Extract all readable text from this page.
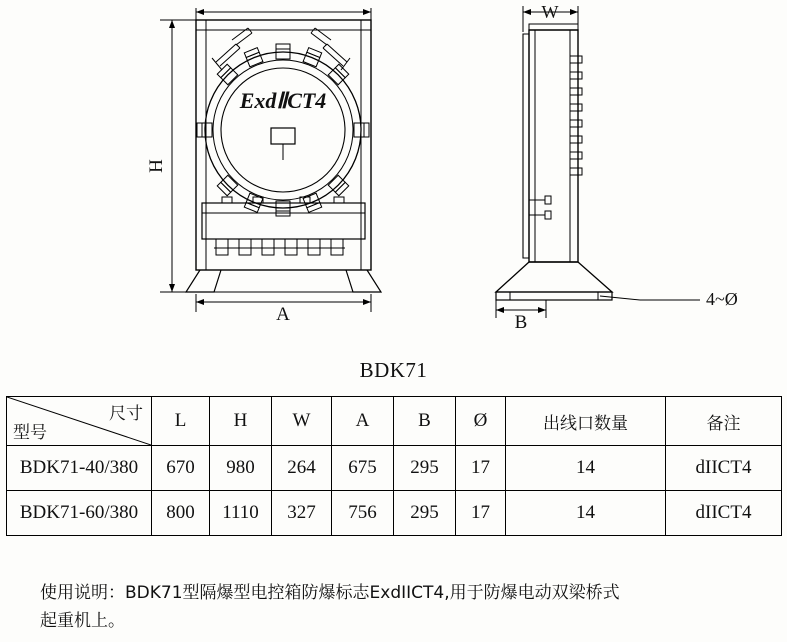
ExdⅡCT4
H
A
W
B
4~Ø
BDK71
尺寸
型号	L	H	W	A	B	Ø	出线口数量	备注
BDK71-40/380	670	980	264	675	295	17	14	dIICT4
BDK71-60/380	800	1110	327	756	295	17	14	dIICT4
使用说明：BDK71型隔爆型电控箱防爆标志ExdIICT4,用于防爆电动双梁桥式
起重机上。
